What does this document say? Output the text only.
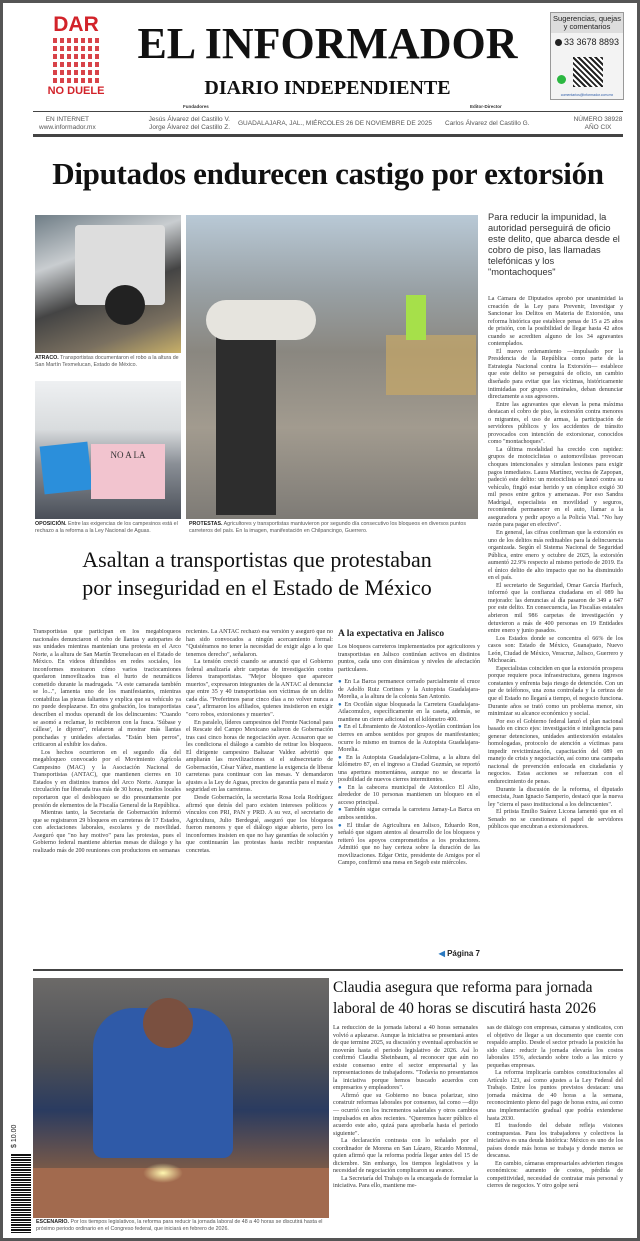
DAR
NO DUELE
EL INFORMADOR
DIARIO INDEPENDIENTE
Sugerencias, quejas y comentarios
33 3678 8893
comentarios@informador.com.mx
Fundadores	Editor-Director
EN INTERNET
www.informador.mx
Jesús Álvarez del Castillo V.
Jorge Álvarez del Castillo Z.
GUADALAJARA, JAL., MIÉRCOLES 26 DE NOVIEMBRE DE 2025	Carlos Álvarez del Castillo G.
NÚMERO 38928
AÑO CIX
Diputados endurecen castigo por extorsión
ATRACO. Transportistas documentaron el robo a la altura de San Martín Texmelucan, Estado de México.
NO A LA
OPOSICIÓN. Entre las exigencias de los campesinos está el rechazo a la reforma a la Ley Nacional de Aguas.
PROTESTAS. Agricultores y transportistas mantuvieron por segundo día consecutivo los bloqueos en diversos puntos carreteros del país. En la imagen, manifestación en Chilpancingo, Guerrero.
Para reducir la impunidad, la autoridad perseguirá de oficio este delito, que abarca desde el cobro de piso, las llamadas telefónicas y los "montachoques"

La Cámara de Diputados aprobó por unanimidad la creación de la Ley para Prevenir, Investigar y Sancionar los Delitos en Materia de Extorsión, una reforma histórica que establece penas de 15 a 25 años de prisión, con la posibilidad de llegar hasta 42 años cuando se acrediten alguno de los 34 agravantes contemplados.

El nuevo ordenamiento —impulsado por la Presidencia de la República como parte de la Estrategia Nacional contra la Extorsión— establece que este delito se perseguirá de oficio, un cambio diseñado para evitar que las víctimas, históricamente intimidadas por grupos criminales, deban denunciar directamente a sus agresores.

Entre las agravantes que elevan la pena máxima destacan el cobro de piso, la extorsión contra menores o migrantes, el uso de armas, la participación de servidores públicos y los accidentes de tránsito provocados con intención de extorsionar, conocidos como "montachoques".

La última modalidad ha crecido con rapidez: grupos de motociclistas o automovilistas provocan choques intencionales y simulan lesiones para exigir pagos inmediatos. Laura Martínez, vecina de Zapopan, padeció este delito: un motociclista se lanzó contra su vehículo, fingió estar herido y un cómplice exigió 30 mil pesos entre gritos y amenazas. Por eso Sandra Madrigal, especialista en movilidad y seguros, recomienda permanecer en el auto, llamar a la aseguradora y pedir apoyo a la Policía Vial. "No hay razón para pagar en efectivo".

En general, las cifras confirman que la extorsión es uno de los delitos más redituables para la delincuencia organizada. Según el Sistema Nacional de Seguridad Pública, entre enero y octubre de 2025, la extorsión aumentó 22.9% respecto al mismo periodo de 2019. Es el único delito de alto impacto que no ha disminuido en el país.

El secretario de Seguridad, Omar García Harfuch, informó que la confianza ciudadana en el 089 ha mejorado: las denuncias al día pasaron de 349 a 647 por este delito. En consecuencia, las Fiscalías estatales abrieron mil 986 carpetas de investigación y detuvieron a más de 400 personas en 19 Entidades entre enero y junio pasados.

Los Estados donde se concentra el 66% de los casos son: Estado de México, Guanajuato, Nuevo León, Ciudad de México, Veracruz, Jalisco, Guerrero y Michoacán.

Especialistas coinciden en que la extorsión prospera porque requiere poca infraestructura, genera ingresos constantes y enfrenta baja riesgo de detención. Con un par de teléfonos, una zona controlada y la certeza de que el Estado no llegará a tiempo, el negocio funciona. Durante años se trató como un problema menor, sin minimizar su alcance económico y social.

Por eso el Gobierno federal lanzó el plan nacional basado en cinco ejes: investigación e inteligencia para generar detenciones, unidades antiextorsión estatales homologadas, protocolo de atención a víctimas para impedir revictimización, capacitación del 089 en manejo de crisis y negociación, así como una campaña nacional de prevención enfocada en ciudadanía y negocios. Estas acciones se refuerzan con el endurecimiento de penas.

Durante la discusión de la reforma, el diputado emecista, Juan Ignacio Samperio, destacó que la nueva ley "cierra el paso institucional a los delincuentes".

El priista Emilio Suárez Licona lamentó que en el Senado no se cuestionara el papel de servidores públicos que encubran a extorsionadores.

Asaltan a transportistas que protestaban
por inseguridad en el Estado de México

Transportistas que participan en los megabloqueos nacionales denunciaron el robo de llantas y autopartes de sus unidades mientras mantenían una protesta en el Arco Norte, a la altura de San Martín Texmelucan en el Estado de México. En videos difundidos en redes sociales, los inconformes mostraron cómo varios tractocamiones quedaron inmovilizados tras el hurto de neumáticos cometido durante la madrugada. "A este camarada también se lo...", lamenta uno de los manifestantes, mientras contabiliza las piezas faltantes y explica que su vehículo ya no puede desplazarse. En otra grabación, los transportistas describen el modus operandi de los delincuentes: "Cuando se asomó a reclamar, lo recibieron con la fusca. 'Súbase y cállese', le dijeron", relataron al mostrar más llantas ponchadas y unidades afectadas. "Están bien perros", criticaron al exhibir los daños.

Los hechos ocurrieron en el segundo día del megabloqueo convocado por el Movimiento Agrícola Campesino (MAC) y la Asociación Nacional de Transportistas (ANTAC), que mantienen cierres en 10 Estados y en distintos tramos del Arco Norte. Aunque la circulación fue liberada tras más de 30 horas, medios locales reportaron que el desbloqueo se dio presuntamente por presión de elementos de la Fiscalía General de la República.

Mientras tanto, la Secretaría de Gobernación informó que se registraron 29 bloqueos en carreteras de 17 Estados, con afectaciones laborales, escolares y de movilidad. Aseguró que "no hay motivo" para las protestas, pues el Gobierno federal mantiene abiertas mesas de diálogo y ha realizado más de 200 reuniones con productores en semanas

recientes. La ANTAC rechazó esa versión y aseguró que no han sido convocados a ningún acercamiento formal: "Quisiéramos no tener la necesidad de exigir algo a lo que tenemos derecho", señalaron.

La tensión creció cuando se anunció que el Gobierno federal analizaría abrir carpetas de investigación contra líderes transportistas. "Mejor bloqueo que aparecer muertos", expresaron integrantes de la ANTAC al denunciar que entre 35 y 40 transportistas son víctimas de un delito cada día. "Preferimos parar cinco días a no volver nunca a casa", afirmaron los afiliados, quienes insistieron en exigir "cero robos, extorsiones y muertes".

En paralelo, líderes campesinos del Frente Nacional para el Rescate del Campo Mexicano salieron de Gobernación tras casi cinco horas de negociación ayer. Acusaron que se les condiciona el diálogo a cambio de retirar los bloqueos. El dirigente campesino Baltazar Valdez advirtió que ampliarán las movilizaciones si el subsecretario de Gobernación, César Yáñez, mantiene la exigencia de liberar carreteras para continuar con las mesas. Y demandaron ajustes a la Ley de Aguas, precios de garantía para el maíz y seguridad en las carreteras.

Desde Gobernación, la secretaria Rosa Icela Rodríguez afirmó que detrás del paro existen intereses políticos y vínculos con PRI, PAN y PRD. A su vez, el secretario de Agricultura, Julio Berdegué, aseguró que los bloqueos fueron menores y que el diálogo sigue abierto, pero los inconformes insisten en que no hay garantías de solución y que continuarán las protestas hasta recibir respuestas concretas.

A la expectativa en Jalisco

Los bloqueos carreteros implementados por agricultores y transportistas en Jalisco continúan activos en distintos puntos, cada uno con dinámicas y niveles de afectación particulares.

● En La Barca permanece cerrado parcialmente el cruce de Adolfo Ruiz Cortines y la Autopista Guadalajara-Morelia, a la altura de la colonia San Antonio.

● En Ocotlán sigue bloqueada la Carretera Guadalajara-Atlacomulco, específicamente en la caseta, además, se mantiene un cierre adicional en el kilómetro 400.

● En el Libramiento de Atotonilco-Ayotlán continúan los cierres en ambos sentidos por grupos de manifestantes; ocurre lo mismo en tramos de la Autopista Guadalajara-Morelia.

● En la Autopista Guadalajara-Colima, a la altura del kilómetro 87, en el ingreso a Ciudad Guzmán, se reportó una apertura momentánea, aunque no se descarta la posibilidad de nuevos cierres intermitentes.

● En la cabecera municipal de Atotonilco El Alto, alrededor de 10 personas mantienen un bloqueo en el acceso principal.

● También sigue cerrada la carretera Jamay-La Barca en ambos sentidos.

● El titular de Agricultura en Jalisco, Eduardo Ron, señaló que siguen atentos al desarrollo de los bloqueos y reiteró los apoyos comprometidos a los productores. Admitió que no hay certeza sobre la duración de las movilizaciones. Edgar Ortiz, presidente de Amigos por el Campo, confirmó una mesa en Segob este miércoles.

◀ Página 7
ESCENARIO. Por los tiempos legislativos, la reforma para reducir la jornada laboral de 48 a 40 horas se discutirá hasta el próximo periodo ordinario en el Congreso federal, que iniciará en febrero de 2026.
Claudia asegura que reforma para jornada
laboral de 40 horas se discutirá hasta 2026

La reducción de la jornada laboral a 40 horas semanales volvió a aplazarse. Aunque la iniciativa se presentará antes de que termine 2025, su discusión y eventual aprobación se moverán hasta el periodo legislativo de 2026. Así lo confirmó Claudia Sheinbaum, al reconocer que aún no existe consenso entre el sector empresarial y las representaciones de trabajadores. "Todavía no presentamos la iniciativa porque hemos buscado acuerdos con empresarios y empleadores".

Afirmó que su Gobierno no busca polarizar, sino construir reformas laborales por consenso, tal como —dijo— ocurrió con los incrementos salariales y otros cambios impulsados en años recientes. "Queremos hacer público el acuerdo este año, quizá para aprobarla hasta el periodo siguiente".

La declaración contrasta con lo señalado por el coordinador de Morena en San Lázaro, Ricardo Monreal, quien afirmó que la reforma podría llegar antes del 15 de diciembre. Sin embargo, los tiempos legislativos y la necesidad de negociación complicaron su avance.

La Secretaría del Trabajo es la encargada de formular la iniciativa. Para ello, mantiene me-

sas de diálogo con empresas, cámaras y sindicatos, con el objetivo de llegar a un documento que cuente con respaldo amplio. Desde el sector privado la posición ha sido clara: reducir la jornada elevaría los costos laborales 15%, afectando sobre todo a las micro y pequeñas empresas.

La reforma implicaría cambios constitucionales al Artículo 123, así como ajustes a la Ley Federal del Trabajo. Entre los puntos previstos destacan: una jornada máxima de 40 horas a la semana, reconocimiento pleno del pago de horas extra, así como una implementación gradual que podría extenderse hasta 2030.

El trasfondo del debate refleja visiones contrapuestas. Para los trabajadores y colectivos la iniciativa es una deuda histórica: México es uno de los países donde más horas se trabaja y donde menos se descansa.

En cambio, cámaras empresariales advierten riesgos económicos: aumento de costos, pérdida de competitividad, necesidad de contratar más personal y cierres de negocios. Y otro golpe será

$ 10.00
